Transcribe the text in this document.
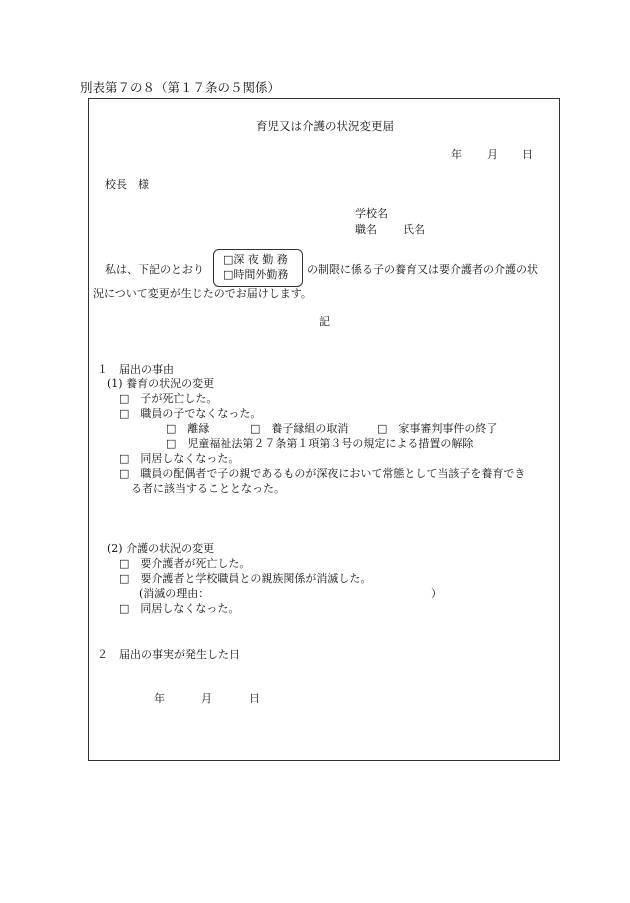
別表第７の８（第１７条の５関係）
育児又は介護の状況変更届
年 月 日
校長　様
学校名
職名 氏名
私は、下記のとおり
□深 夜 勤 務
□時間外勤務 の制限に係る子の養育又は要介護者の介護の状
況について変更が生じたのでお届けします。
記
１　届出の事由
(1) 養育の状況の変更
□　子が死亡した。
□　職員の子でなくなった。
□　離縁	□　養子縁組の取消	□　家事審判事件の終了
□　児童福祉法第２７条第１項第３号の規定による措置の解除
□　同居しなくなった。
□　職員の配偶者で子の親であるものが深夜において常態として当該子を養育でき
る者に該当することとなった。
(2) 介護の状況の変更
□　要介護者が死亡した。
□　要介護者と学校職員との親族関係が消滅した。
(消滅の理由：	）
□　同居しなくなった。
２　届出の事実が発生した日
年	月	日
